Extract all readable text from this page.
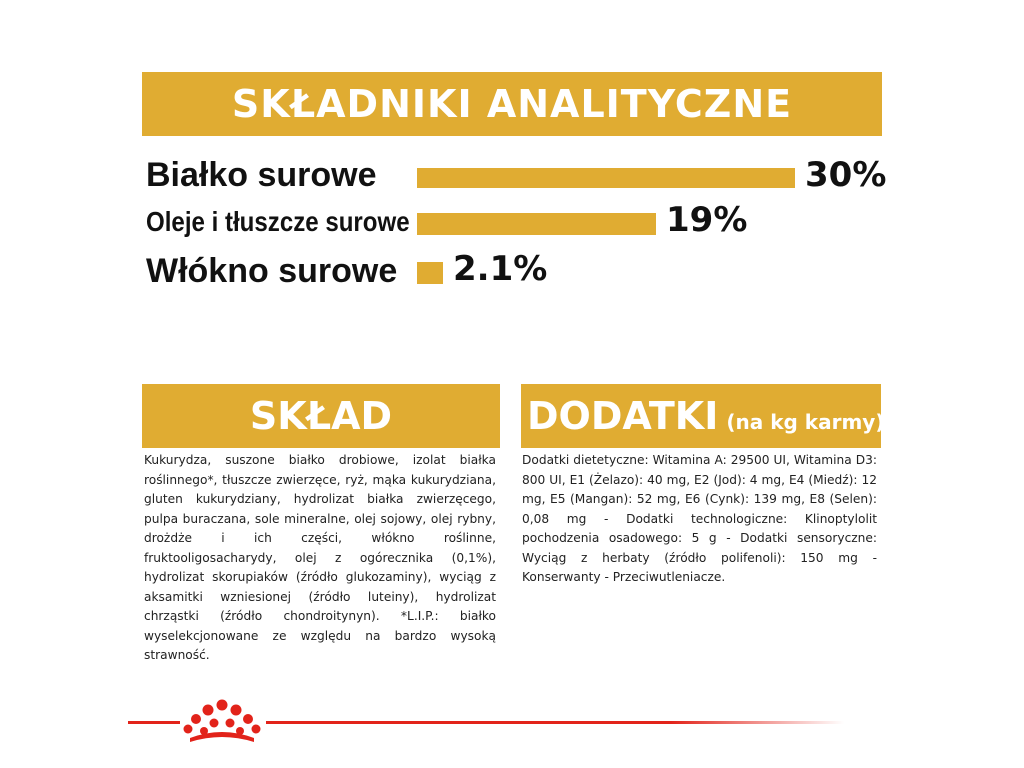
SKŁADNIKI ANALITYCZNE
Białko surowe	30%
Oleje i tłuszcze surowe	19%
Włókno surowe 2.1%
SKŁAD
Kukurydza, suszone białko drobiowe, izolat białka roślinnego*, tłuszcze zwierzęce, ryż, mąka kukurydziana, gluten kukurydziany, hydrolizat białka zwierzęcego, pulpa buraczana, sole mineralne, olej sojowy, olej rybny, drożdże i ich części, włókno roślinne, fruktooligosacharydy, olej z ogórecznika (0,1%), hydrolizat skorupiaków (źródło glukozaminy), wyciąg z aksamitki wzniesionej (źródło luteiny), hydrolizat chrząstki (źródło chondroitynyn). *L.I.P.: białko wyselekcjonowane ze względu na bardzo wysoką strawność.
DODATKI (na kg karmy)
Dodatki dietetyczne: Witamina A: 29500 UI, Witamina D3: 800 UI, E1 (Żelazo): 40 mg, E2 (Jod): 4 mg, E4 (Miedź): 12 mg, E5 (Mangan): 52 mg, E6 (Cynk): 139 mg, E8 (Selen): 0,08 mg - Dodatki technologiczne: Klinoptylolit pochodzenia osadowego: 5 g - Dodatki sensoryczne: Wyciąg z herbaty (źródło polifenoli): 150 mg - Konserwanty - Przeciwutleniacze.
